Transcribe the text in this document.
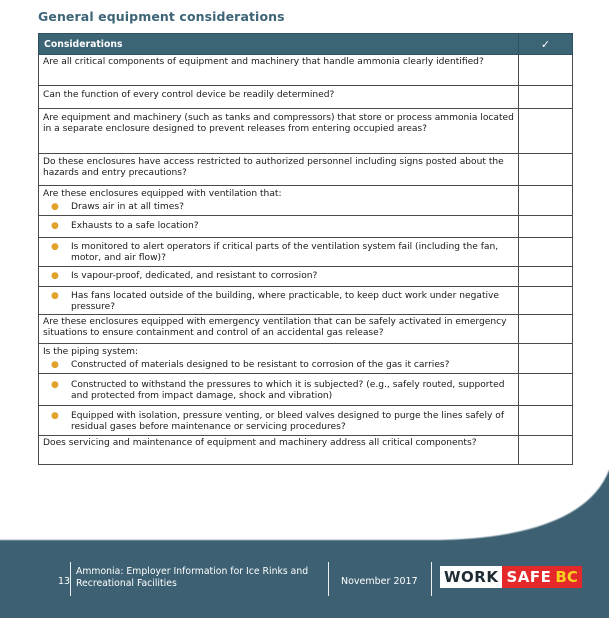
General equipment considerations
Considerations	✓
Are all critical components of equipment and machinery that handle ammonia clearly identified?	
Can the function of every control device be readily determined?	
Are equipment and machinery (such as tanks and compressors) that store or process ammonia located in a separate enclosure designed to prevent releases from entering occupied areas?	
Do these enclosures have access restricted to authorized personnel including signs posted about the hazards and entry precautions?	

Are these enclosures equipped with ventilation that:
● Draws air in at all times?	

● Exhausts to a safe location?	

● Is monitored to alert operators if critical parts of the ventilation system fail (including the fan, motor, and air flow)?	

● Is vapour-proof, dedicated, and resistant to corrosion?	

● Has fans located outside of the building, where practicable, to keep duct work under negative pressure?	

Are these enclosures equipped with emergency ventilation that can be safely activated in emergency situations to ensure containment and control of an accidental gas release?	

Is the piping system:
● Constructed of materials designed to be resistant to corrosion of the gas it carries?	

● Constructed to withstand the pressures to which it is subjected? (e.g., safely routed, supported and protected from impact damage, shock and vibration)	

● Equipped with isolation, pressure venting, or bleed valves designed to purge the lines safely of residual gases before maintenance or servicing procedures?	

Does servicing and maintenance of equipment and machinery address all critical components?	
13
Ammonia: Employer Information for Ice Rinks and Recreational Facilities	November 2017 WORK SAFE BC
